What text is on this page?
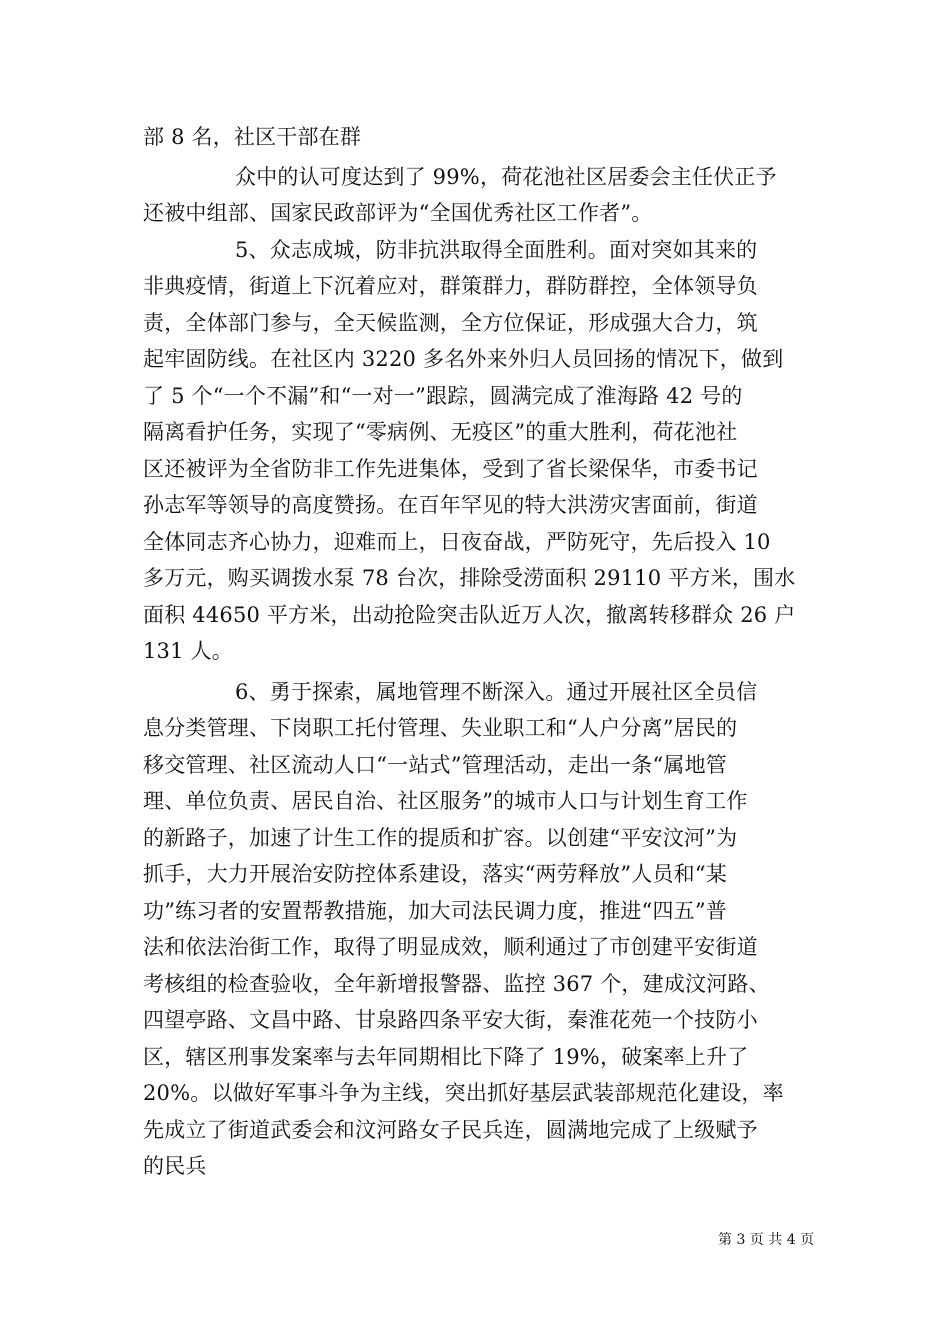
部 8 名，社区干部在群
众中的认可度达到了 99%，荷花池社区居委会主任伏正予
还被中组部、国家民政部评为“全国优秀社区工作者”。
5、众志成城，防非抗洪取得全面胜利。面对突如其来的
非典疫情，街道上下沉着应对，群策群力，群防群控，全体领导负
责，全体部门参与，全天候监测，全方位保证，形成强大合力，筑
起牢固防线。在社区内 3220 多名外来外归人员回扬的情况下，做到
了 5 个“一个不漏”和“一对一”跟踪，圆满完成了淮海路 42 号的
隔离看护任务，实现了“零病例、无疫区”的重大胜利，荷花池社
区还被评为全省防非工作先进集体，受到了省长梁保华，市委书记
孙志军等领导的高度赞扬。在百年罕见的特大洪涝灾害面前，街道
全体同志齐心协力，迎难而上，日夜奋战，严防死守，先后投入 10
多万元，购买调拨水泵 78 台次，排除受涝面积 29110 平方米，围水
面积 44650 平方米，出动抢险突击队近万人次，撤离转移群众 26 户
131 人。
6、勇于探索，属地管理不断深入。通过开展社区全员信
息分类管理、下岗职工托付管理、失业职工和“人户分离”居民的
移交管理、社区流动人口“一站式”管理活动，走出一条“属地管
理、单位负责、居民自治、社区服务”的城市人口与计划生育工作
的新路子，加速了计生工作的提质和扩容。以创建“平安汶河”为
抓手，大力开展治安防控体系建设，落实“两劳释放”人员和“某
功”练习者的安置帮教措施，加大司法民调力度，推进“四五”普
法和依法治街工作，取得了明显成效，顺利通过了市创建平安街道
考核组的检查验收，全年新增报警器、监控 367 个，建成汶河路、
四望亭路、文昌中路、甘泉路四条平安大街，秦淮花苑一个技防小
区，辖区刑事发案率与去年同期相比下降了 19%，破案率上升了
20%。以做好军事斗争为主线，突出抓好基层武装部规范化建设，率
先成立了街道武委会和汶河路女子民兵连，圆满地完成了上级赋予
的民兵
第 3 页 共 4 页
